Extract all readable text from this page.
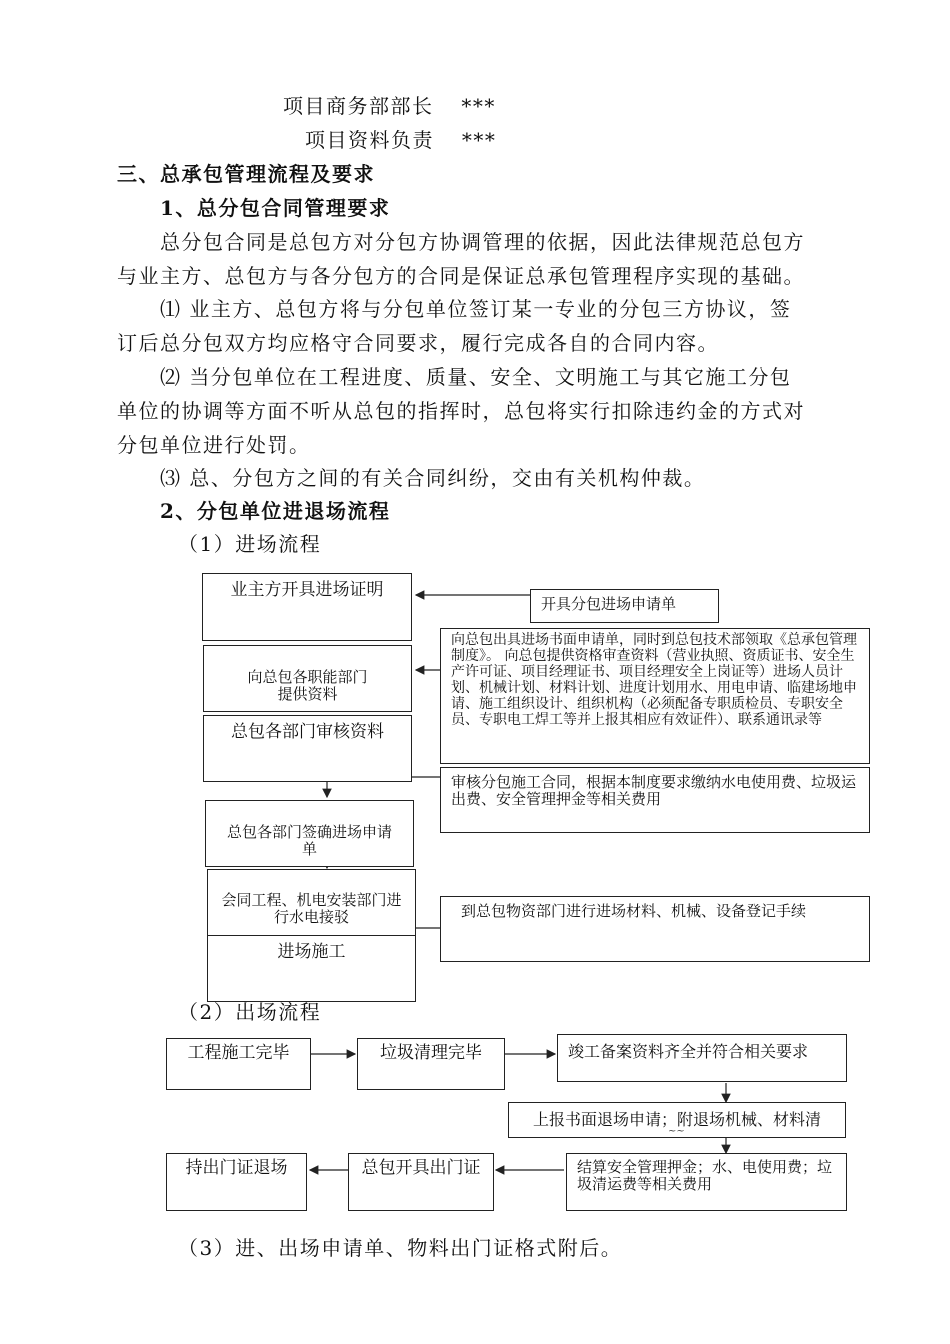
项目商务部部长 ***
项目资料负责 ***
三、总承包管理流程及要求
1、总分包合同管理要求
总分包合同是总包方对分包方协调管理的依据，因此法律规范总包方
与业主方、总包方与各分包方的合同是保证总承包管理程序实现的基础。
⑴ 业主方、总包方将与分包单位签订某一专业的分包三方协议，签
订后总分包双方均应格守合同要求，履行完成各自的合同内容。
⑵ 当分包单位在工程进度、质量、安全、文明施工与其它施工分包
单位的协调等方面不听从总包的指挥时，总包将实行扣除违约金的方式对
分包单位进行处罚。
⑶ 总、分包方之间的有关合同纠纷，交由有关机构仲裁。
2、分包单位进退场流程
（1）进场流程
业主方开具进场证明

向总包各职能部门
提供资料

总包各部门审核资料

总包各部门签确进场申请
单

会同工程、机电安装部门进
行水电接驳

进场施工
开具分包进场申请单
向总包出具进场书面申请单，同时到总包技术部领取《总承包管理制度》。 向总包提供资格审查资料（营业执照、资质证书、安全生产许可证、项目经理证书、项目经理安全上岗证等）进场人员计划、机械计划、材料计划、进度计划用水、用电申请、临建场地申请、施工组织设计、组织机构（必须配备专职质检员、专职安全员、专职电工焊工等并上报其相应有效证件）、联系通讯录等
审核分包施工合同，根据本制度要求缴纳水电使用费、垃圾运出费、安全管理押金等相关费用
到总包物资部门进行进场材料、机械、设备登记手续
（2）出场流程
工程施工完毕	垃圾清理完毕	竣工备案资料齐全并符合相关要求
上报书面退场申请；附退场机械、材料清
~~
持出门证退场	总包开具出门证	结算安全管理押金；水、电使用费；垃圾清运费等相关费用
（3）进、出场申请单、物料出门证格式附后。
